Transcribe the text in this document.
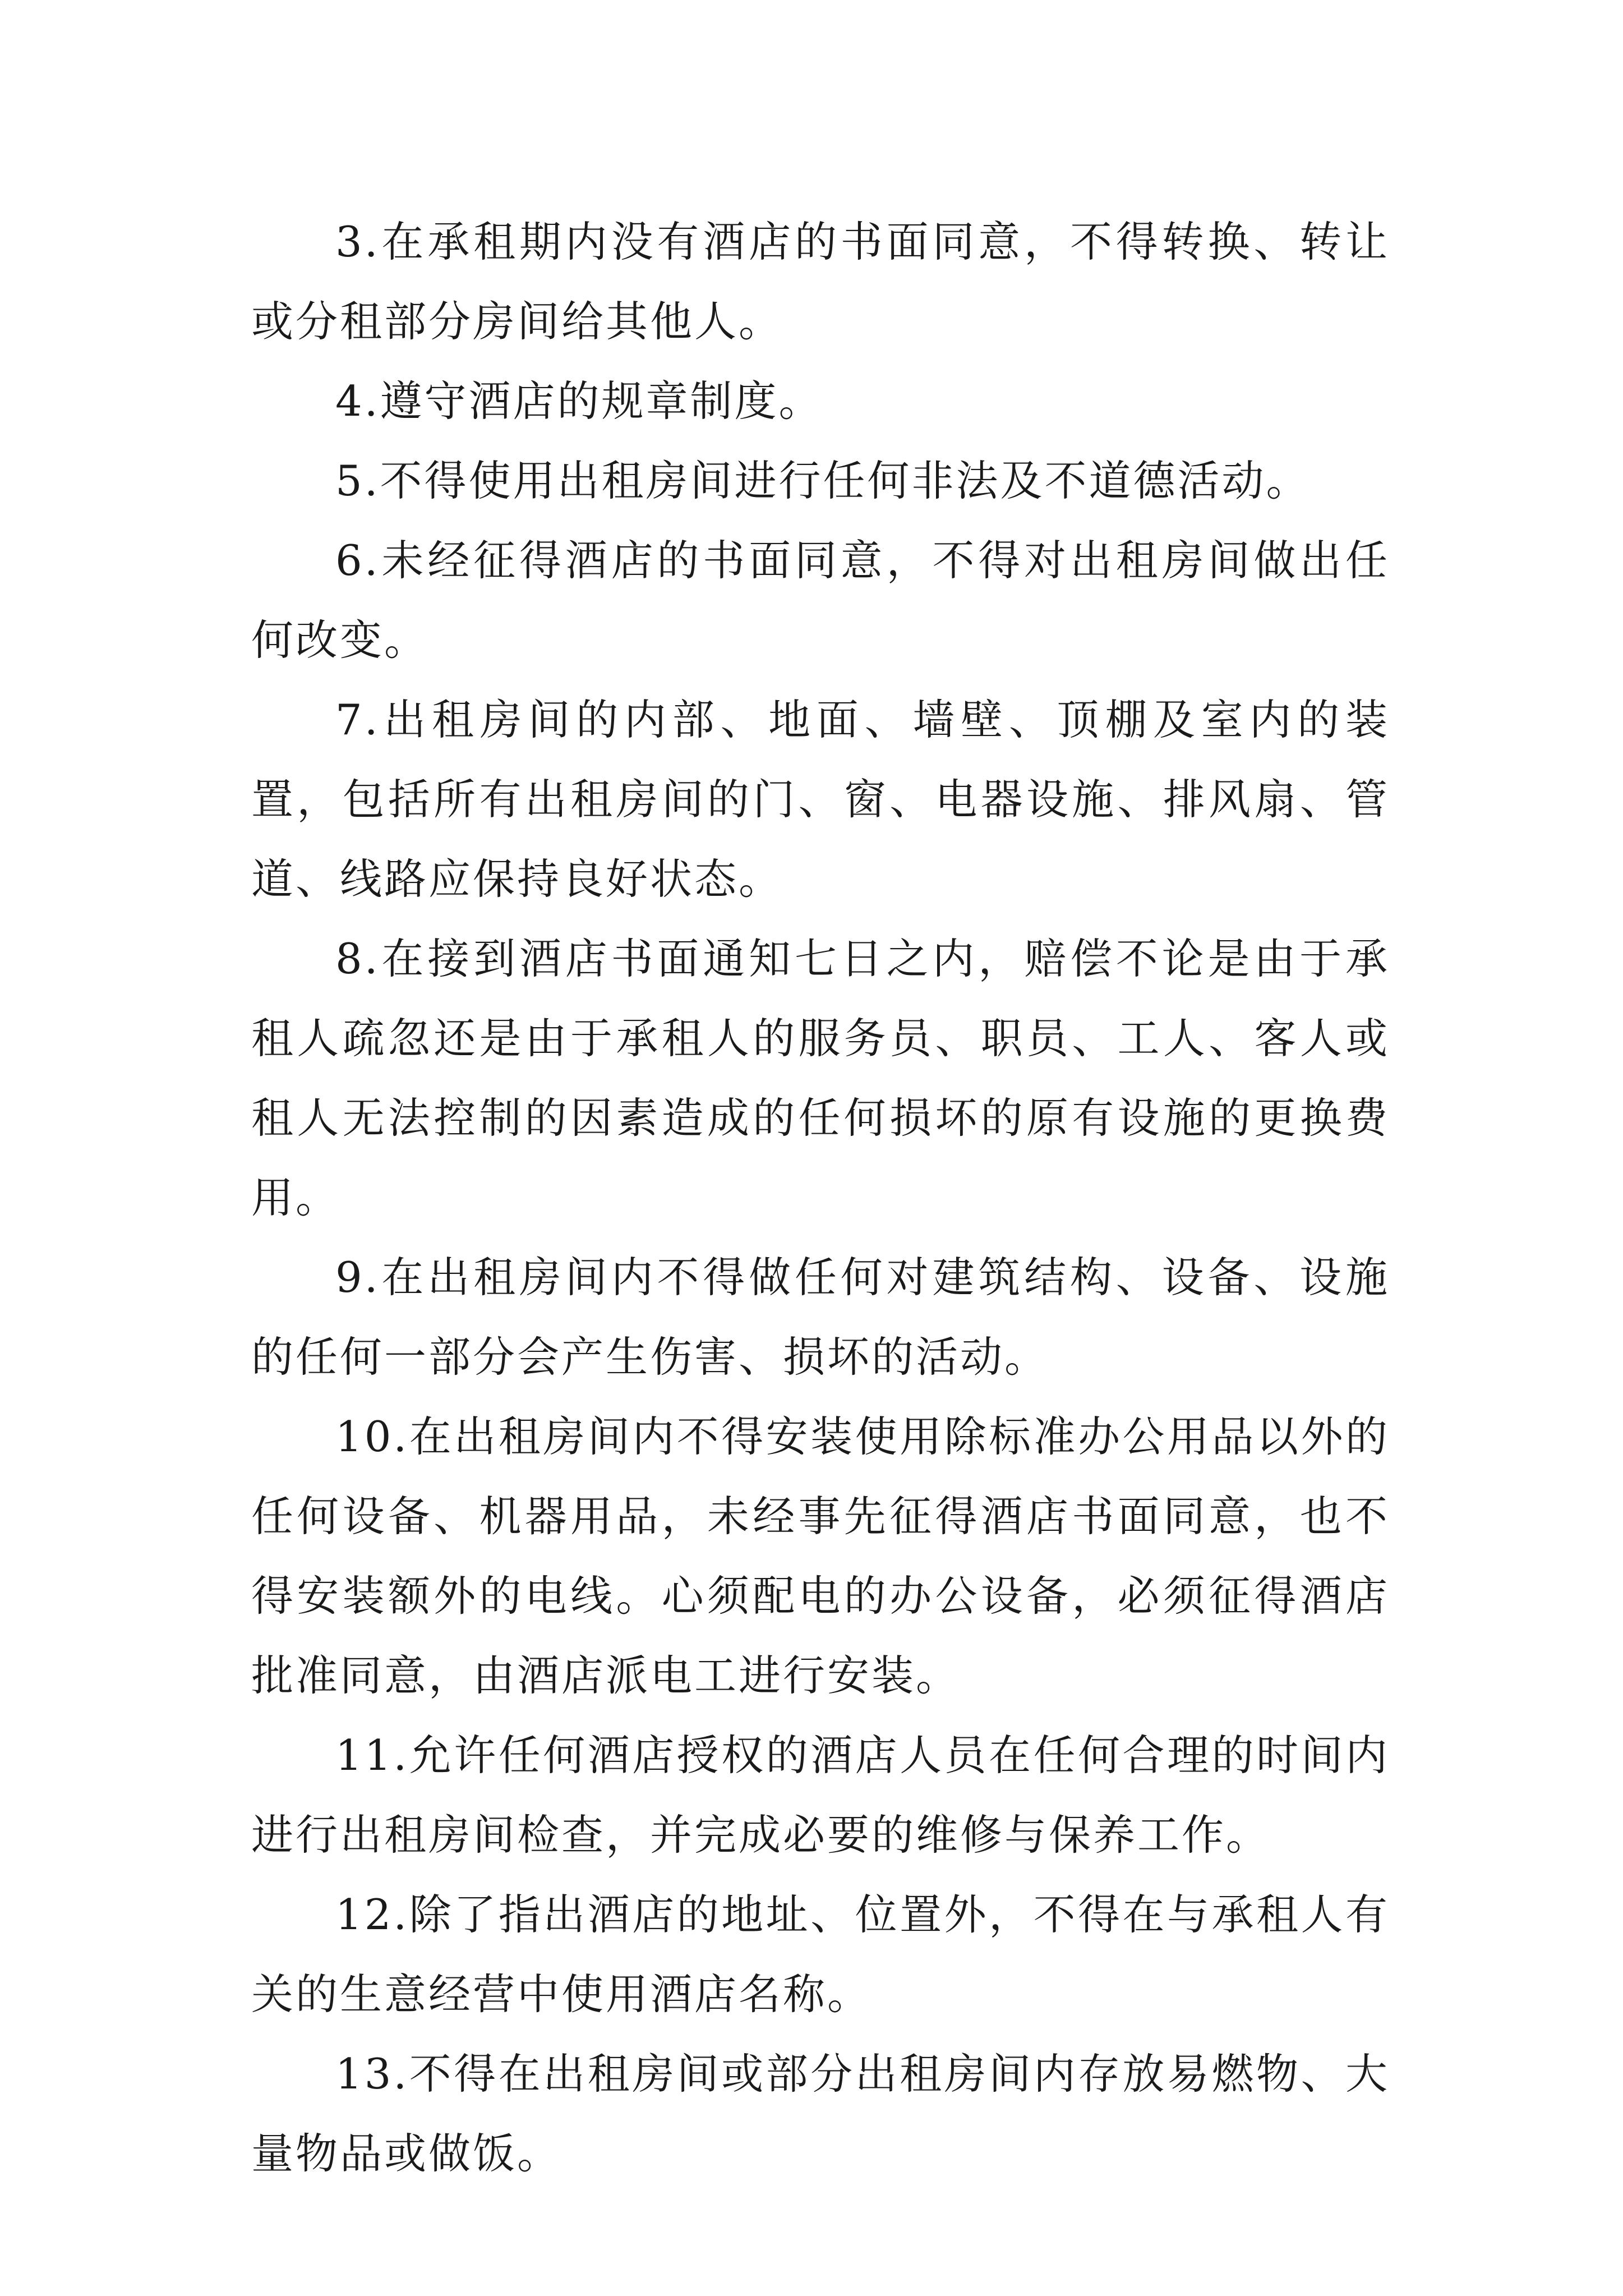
3.在承租期内没有酒店的书面同意，不得转换、转让或分租部分房间给其他人。

4.遵守酒店的规章制度。

5.不得使用出租房间进行任何非法及不道德活动。

6.未经征得酒店的书面同意，不得对出租房间做出任何改变。

7.出租房间的内部、地面、墙壁、顶棚及室内的装置，包括所有出租房间的门、窗、电器设施、排风扇、管道、线路应保持良好状态。

8.在接到酒店书面通知七日之内，赔偿不论是由于承租人疏忽还是由于承租人的服务员、职员、工人、客人或租人无法控制的因素造成的任何损坏的原有设施的更换费用。

9.在出租房间内不得做任何对建筑结构、设备、设施的任何一部分会产生伤害、损坏的活动。

10.在出租房间内不得安装使用除标准办公用品以外的任何设备、机器用品，未经事先征得酒店书面同意，也不得安装额外的电线。心须配电的办公设备，必须征得酒店批准同意，由酒店派电工进行安装。

11.允许任何酒店授权的酒店人员在任何合理的时间内进行出租房间检查，并完成必要的维修与保养工作。

12.除了指出酒店的地址、位置外，不得在与承租人有关的生意经营中使用酒店名称。

13.不得在出租房间或部分出租房间内存放易燃物、大量物品或做饭。
